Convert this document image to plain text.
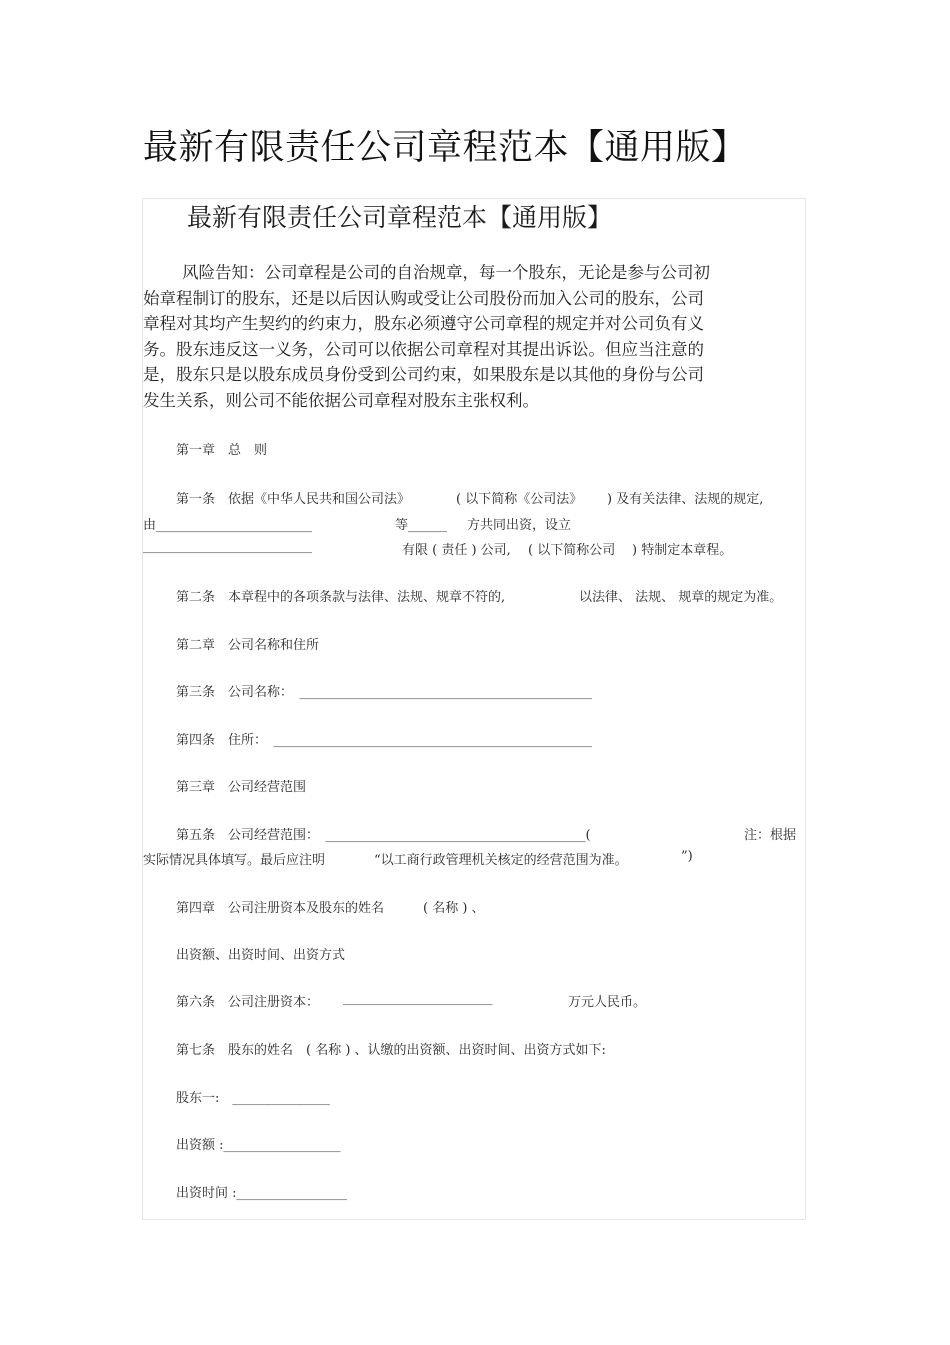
最新有限责任公司章程范本【通用版】
最新有限责任公司章程范本【通用版】
风险告知：公司章程是公司的自治规章，每一个股东，无论是参与公司初
始章程制订的股东，还是以后因认购或受让公司股份而加入公司的股东，公司
章程对其均产生契约的约束力，股东必须遵守公司章程的规定并对公司负有义
务。股东违反这一义务，公司可以依据公司章程对其提出诉讼。但应当注意的
是，股东只是以股东成员身份受到公司约束，如果股东是以其他的身份与公司
发生关系，则公司不能依据公司章程对股东主张权利。
第一章　总　则
第一条　依据《中华人民共和国公司法》	( 以下简称《公司法》 ) 及有关法律、法规的规定,
由________________________	等______ 方共同出资，设立
__________________________	有限 ( 责任 ) 公司, ( 以下简称公司 ) 特制定本章程。
第二条　本章程中的各项条款与法律、法规、规章不符的,	以法律、 法规、 规章的规定为准。
第二章　公司名称和住所
第三条　公司名称：　_____________________________________________
第四条　住所：　_________________________________________________
第三章　公司经营范围
第五条　公司经营范围：　________________________________________(	注：根据
实际情况具体填写。最后应注明	“以工商行政管理机关核定的经营范围为准。	”)
第四章　公司注册资本及股东的姓名	( 名称 ) 、
出资额、出资时间、出资方式
第六条　公司注册资本： _______________________	万元人民币。
第七条　股东的姓名　( 名称 ) 、认缴的出资额、出资时间、出资方式如下:
股东一:　_______________
出资额 :__________________
出资时间 :_________________
